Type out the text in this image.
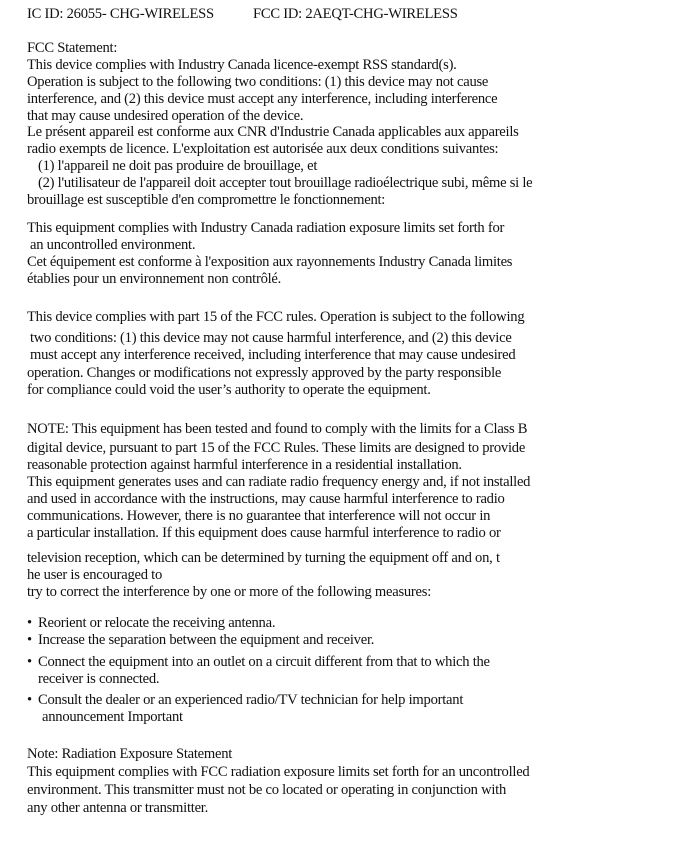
IC ID: 26055- CHG-WIRELESS	FCC ID: 2AEQT-CHG-WIRELESS
FCC Statement:
This device complies with Industry Canada licence-exempt RSS standard(s).
Operation is subject to the following two conditions: (1) this device may not cause
interference, and (2) this device must accept any interference, including interference
that may cause undesired operation of the device.
Le présent appareil est conforme aux CNR d'Industrie Canada applicables aux appareils
radio exempts de licence. L'exploitation est autorisée aux deux conditions suivantes:
(1) l'appareil ne doit pas produire de brouillage, et
(2) l'utilisateur de l'appareil doit accepter tout brouillage radioélectrique subi, même si le
brouillage est susceptible d'en compromettre le fonctionnement:
This equipment complies with Industry Canada radiation exposure limits set forth for
an uncontrolled environment.
Cet équipement est conforme à l'exposition aux rayonnements Industry Canada limites
établies pour un environnement non contrôlé.
This device complies with part 15 of the FCC rules. Operation is subject to the following
two conditions: (1) this device may not cause harmful interference, and (2) this device
must accept any interference received, including interference that may cause undesired
operation. Changes or modifications not expressly approved by the party responsible
for compliance could void the user’s authority to operate the equipment.
NOTE: This equipment has been tested and found to comply with the limits for a Class B
digital device, pursuant to part 15 of the FCC Rules. These limits are designed to provide
reasonable protection against harmful interference in a residential installation.
This equipment generates uses and can radiate radio frequency energy and, if not installed
and used in accordance with the instructions, may cause harmful interference to radio
communications. However, there is no guarantee that interference will not occur in
a particular installation. If this equipment does cause harmful interference to radio or
television reception, which can be determined by turning the equipment off and on, t
he user is encouraged to
try to correct the interference by one or more of the following measures:
• Reorient or relocate the receiving antenna.
• Increase the separation between the equipment and receiver.
• Connect the equipment into an outlet on a circuit different from that to which the
receiver is connected.
• Consult the dealer or an experienced radio/TV technician for help important
announcement Important
Note: Radiation Exposure Statement
This equipment complies with FCC radiation exposure limits set forth for an uncontrolled
environment. This transmitter must not be co located or operating in conjunction with
any other antenna or transmitter.
